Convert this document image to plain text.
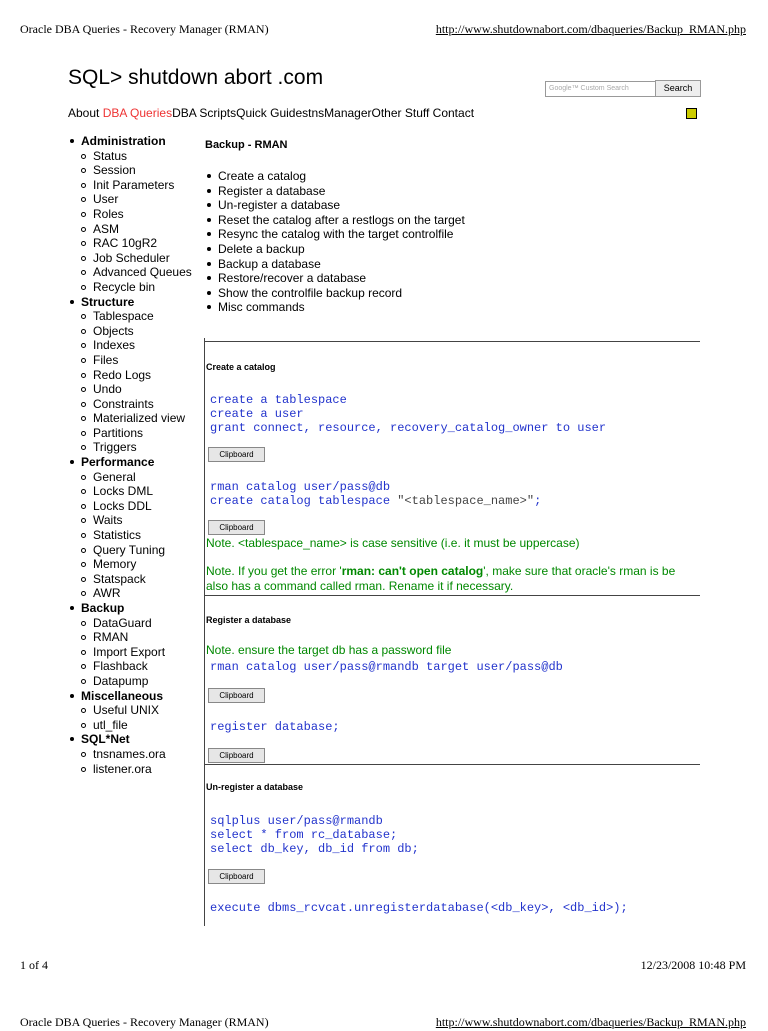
Oracle DBA Queries - Recovery Manager (RMAN)	http://www.shutdownabort.com/dbaqueries/Backup_RMAN.php
SQL> shutdown abort .com	Google™ Custom Search	Search
About DBA QueriesDBA ScriptsQuick GuidestnsManagerOther Stuff Contact
Administration
Status
Session
Init Parameters
User
Roles
ASM
RAC 10gR2
Job Scheduler
Advanced Queues
Recycle bin
Structure
Tablespace
Objects
Indexes
Files
Redo Logs
Undo
Constraints
Materialized view
Partitions
Triggers
Performance
General
Locks DML
Locks DDL
Waits
Statistics
Query Tuning
Memory
Statspack
AWR
Backup
DataGuard
RMAN
Import Export
Flashback
Datapump
Miscellaneous
Useful UNIX
utl_file
SQL*Net
tnsnames.ora
listener.ora
Backup - RMAN
Create a catalog
Register a database
Un-register a database
Reset the catalog after a restlogs on the target
Resync the catalog with the target controlfile
Delete a backup
Backup a database
Restore/recover a database
Show the controlfile backup record
Misc commands
Create a catalog
create a tablespace
create a user
grant connect, resource, recovery_catalog_owner to user
Clipboard
rman catalog user/pass@db
create catalog tablespace "<tablespace_name>";
Clipboard
Note. <tablespace_name> is case sensitive (i.e. it must be uppercase)
Note. If you get the error 'rman: can't open catalog', make sure that oracle's rman is be
also has a command called rman. Rename it if necessary.
Register a database
Note. ensure the target db has a password file
rman catalog user/pass@rmandb target user/pass@db
Clipboard
register database;
Clipboard
Un-register a database
sqlplus user/pass@rmandb
select * from rc_database;
select db_key, db_id from db;
Clipboard
execute dbms_rcvcat.unregisterdatabase(<db_key>, <db_id>);
1 of 4	12/23/2008 10:48 PM
Oracle DBA Queries - Recovery Manager (RMAN)	http://www.shutdownabort.com/dbaqueries/Backup_RMAN.php
